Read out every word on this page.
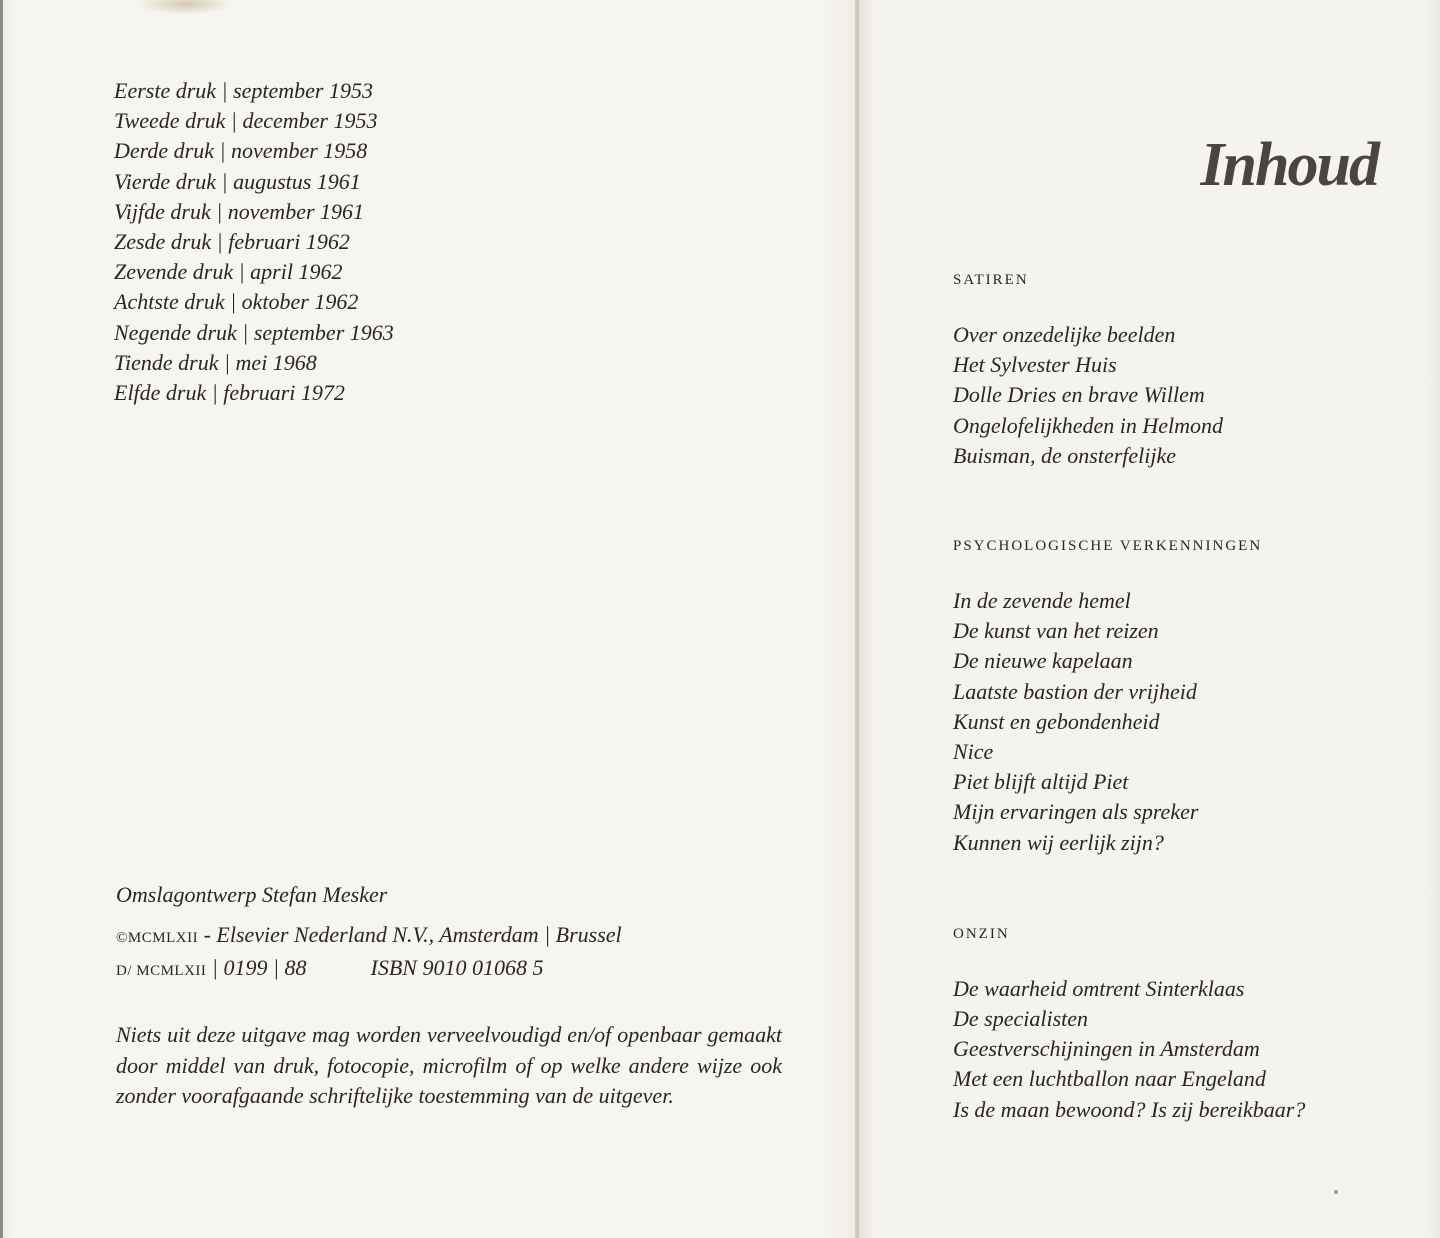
Eerste druk | september 1953
Tweede druk | december 1953
Derde druk | november 1958
Vierde druk | augustus 1961
Vijfde druk | november 1961
Zesde druk | februari 1962
Zevende druk | april 1962
Achtste druk | oktober 1962
Negende druk | september 1963
Tiende druk | mei 1968
Elfde druk | februari 1972
Omslagontwerp Stefan Mesker
©MCMLXII - Elsevier Nederland N.V., Amsterdam | Brussel
D/ MCMLXII | 0199 | 88	ISBN 9010 01068 5
Niets uit deze uitgave mag worden verveelvoudigd en/of openbaar gemaakt door middel van druk, fotocopie, microfilm of op welke andere wijze ook zonder voorafgaande schriftelijke toestemming van de uitgever.
Inhoud
SATIREN
Over onzedelijke beelden
Het Sylvester Huis
Dolle Dries en brave Willem
Ongelofelijkheden in Helmond
Buisman, de onsterfelijke
PSYCHOLOGISCHE VERKENNINGEN
In de zevende hemel
De kunst van het reizen
De nieuwe kapelaan
Laatste bastion der vrijheid
Kunst en gebondenheid
Nice
Piet blijft altijd Piet
Mijn ervaringen als spreker
Kunnen wij eerlijk zijn?
ONZIN
De waarheid omtrent Sinterklaas
De specialisten
Geestverschijningen in Amsterdam
Met een luchtballon naar Engeland
Is de maan bewoond? Is zij bereikbaar?
